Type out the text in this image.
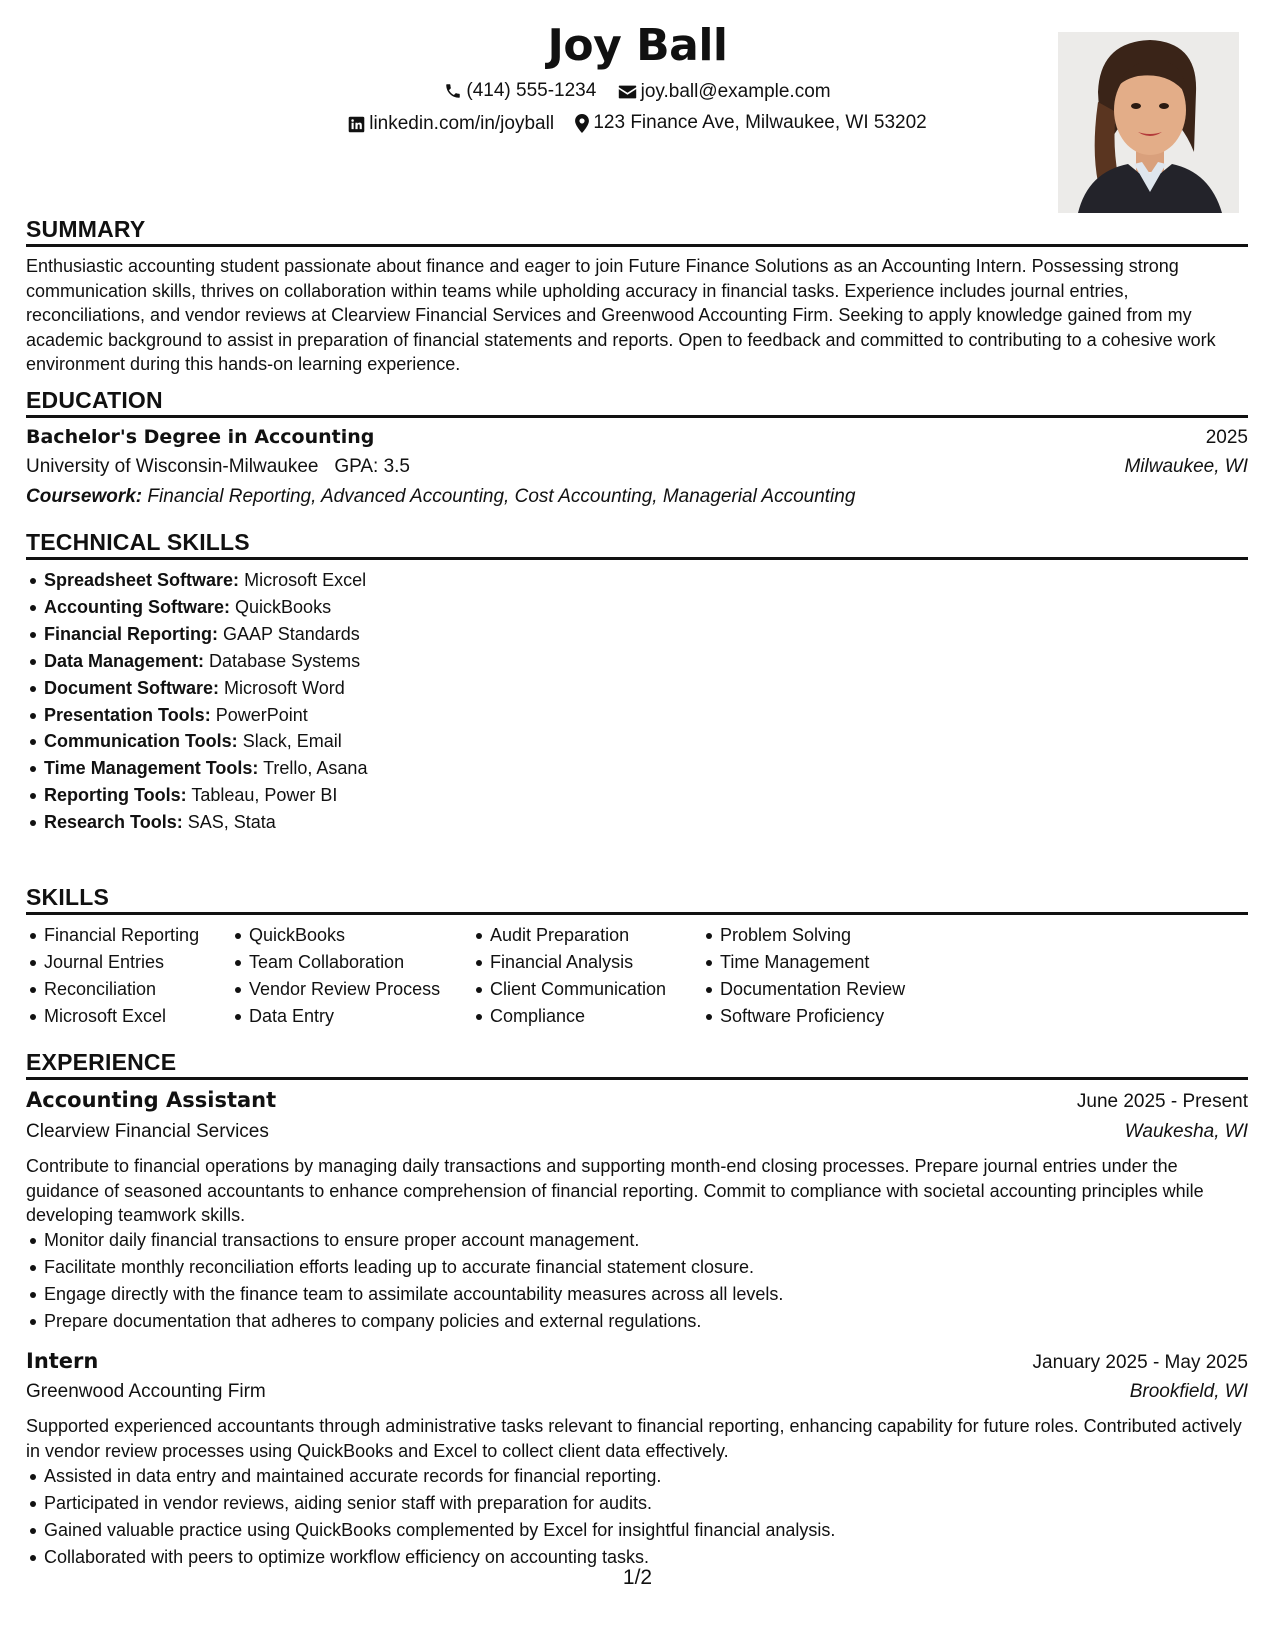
Joy Ball
(414) 555-1234
joy.ball@example.com
linkedin.com/in/joyball
123 Finance Ave, Milwaukee, WI 53202
SUMMARY
Enthusiastic accounting student passionate about finance and eager to join Future Finance Solutions as an Accounting Intern. Possessing strong communication skills, thrives on collaboration within teams while upholding accuracy in financial tasks. Experience includes journal entries, reconciliations, and vendor reviews at Clearview Financial Services and Greenwood Accounting Firm. Seeking to apply knowledge gained from my academic background to assist in preparation of financial statements and reports. Open to feedback and committed to contributing to a cohesive work environment during this hands-on learning experience.
EDUCATION
Bachelor's Degree in Accounting	2025
University of Wisconsin-Milwaukee GPA: 3.5	Milwaukee, WI
Coursework: Financial Reporting, Advanced Accounting, Cost Accounting, Managerial Accounting
TECHNICAL SKILLS
Spreadsheet Software: Microsoft Excel
Accounting Software: QuickBooks
Financial Reporting: GAAP Standards
Data Management: Database Systems
Document Software: Microsoft Word
Presentation Tools: PowerPoint
Communication Tools: Slack, Email
Time Management Tools: Trello, Asana
Reporting Tools: Tableau, Power BI
Research Tools: SAS, Stata
SKILLS
Financial Reporting
Journal Entries
Reconciliation
Microsoft Excel
QuickBooks
Team Collaboration
Vendor Review Process
Data Entry
Audit Preparation
Financial Analysis
Client Communication
Compliance
Problem Solving
Time Management
Documentation Review
Software Proficiency
EXPERIENCE
Accounting Assistant	June 2025 - Present
Clearview Financial Services	Waukesha, WI
Contribute to financial operations by managing daily transactions and supporting month-end closing processes. Prepare journal entries under the guidance of seasoned accountants to enhance comprehension of financial reporting. Commit to compliance with societal accounting principles while developing teamwork skills.
Monitor daily financial transactions to ensure proper account management.
Facilitate monthly reconciliation efforts leading up to accurate financial statement closure.
Engage directly with the finance team to assimilate accountability measures across all levels.
Prepare documentation that adheres to company policies and external regulations.
Intern	January 2025 - May 2025
Greenwood Accounting Firm	Brookfield, WI
Supported experienced accountants through administrative tasks relevant to financial reporting, enhancing capability for future roles. Contributed actively in vendor review processes using QuickBooks and Excel to collect client data effectively.
Assisted in data entry and maintained accurate records for financial reporting.
Participated in vendor reviews, aiding senior staff with preparation for audits.
Gained valuable practice using QuickBooks complemented by Excel for insightful financial analysis.
Collaborated with peers to optimize workflow efficiency on accounting tasks.
1/2
